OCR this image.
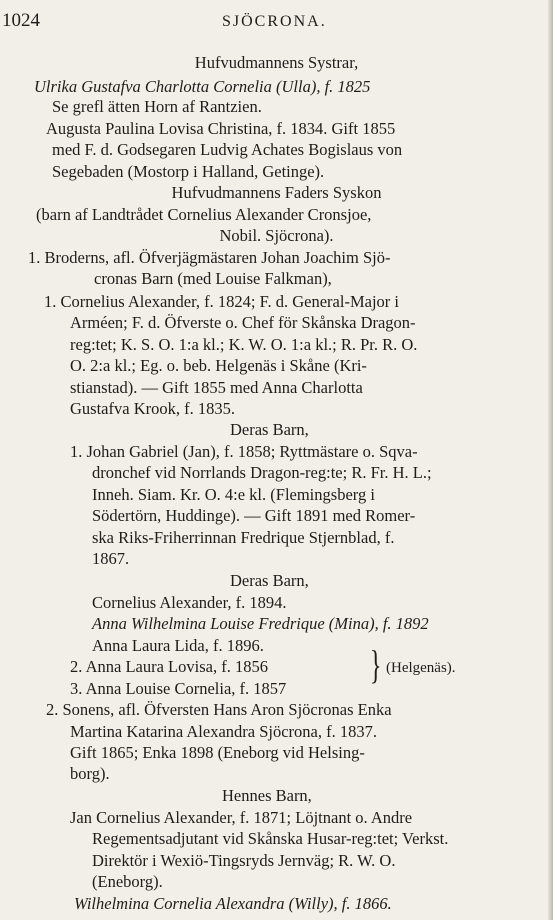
1024	SJÖCRONA.
Hufvudmannens Systrar,
Ulrika Gustafva Charlotta Cornelia (Ulla), f. 1825
Se grefl ätten Horn af Rantzien.
Augusta Paulina Lovisa Christina, f. 1834. Gift 1855
med F. d. Godsegaren Ludvig Achates Bogislaus von
Segebaden (Mostorp i Halland, Getinge).
Hufvudmannens Faders Syskon
(barn af Landtrådet Cornelius Alexander Cronsjoe,
Nobil. Sjöcrona).
1. Broderns, afl. Öfverjägmästaren Johan Joachim Sjö-
cronas Barn (med Louise Falkman),
1. Cornelius Alexander, f. 1824; F. d. General-Major i
Arméen; F. d. Öfverste o. Chef för Skånska Dragon-
reg:tet; K. S. O. 1:a kl.; K. W. O. 1:a kl.; R. Pr. R. O.
O. 2:a kl.; Eg. o. beb. Helgenäs i Skåne (Kri-
stianstad). — Gift 1855 med Anna Charlotta
Gustafva Krook, f. 1835.
Deras Barn,
1. Johan Gabriel (Jan), f. 1858; Ryttmästare o. Sqva-
dronchef vid Norrlands Dragon-reg:te; R. Fr. H. L.;
Inneh. Siam. Kr. O. 4:e kl. (Flemingsberg i
Södertörn, Huddinge). — Gift 1891 med Romer-
ska Riks-Friherrinnan Fredrique Stjernblad, f.
1867.
Deras Barn,
Cornelius Alexander, f. 1894.
Anna Wilhelmina Louise Fredrique (Mina), f. 1892
Anna Laura Lida, f. 1896.
2. Anna Laura Lovisa, f. 1856
3. Anna Louise Cornelia, f. 1857
2. Sonens, afl. Öfversten Hans Aron Sjöcronas Enka
Martina Katarina Alexandra Sjöcrona, f. 1837.
Gift 1865; Enka 1898 (Eneborg vid Helsing-
borg).
Hennes Barn,
Jan Cornelius Alexander, f. 1871; Löjtnant o. Andre
Regementsadjutant vid Skånska Husar-reg:tet; Verkst.
Direktör i Wexiö-Tingsryds Jernväg; R. W. O.
(Eneborg).
Wilhelmina Cornelia Alexandra (Willy), f. 1866.
} (Helgenäs).
